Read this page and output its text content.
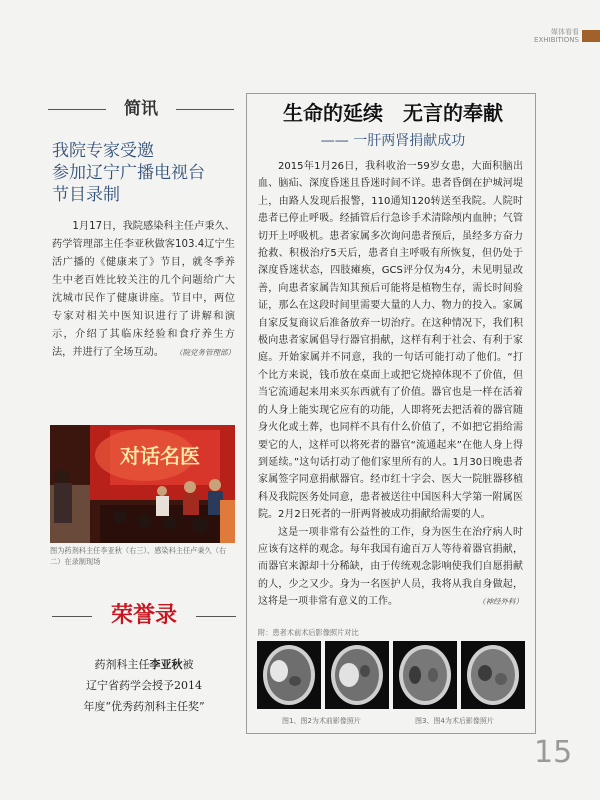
媒体看看
EXHIBITIONS
简讯
我院专家受邀
参加辽宁广播电视台
节目录制
1月17日，我院感染科主任卢秉久、药学管理部主任李亚秋做客103.4辽宁生活广播的《健康来了》节目，就冬季养生中老百姓比较关注的几个问题给广大沈城市民作了健康讲座。节目中，两位专家对相关中医知识进行了讲解和演示，介绍了其临床经验和食疗养生方法，并进行了全场互动。 （院党务管理部）
对话名医
图为药剂科主任李亚秋（右三）、感染科主任卢秉久（右二）在录制现场
荣誉录
药剂科主任李亚秋被
辽宁省药学会授予2014
年度“优秀药剂科主任奖”
生命的延续　无言的奉献
—— 一肝两肾捐献成功

2015年1月26日，我科收治一59岁女患，大面积脑出血、脑疝、深度昏迷且昏迷时间不详。患者昏倒在护城河堤上，由路人发现后报警，110通知120转送至我院。人院时患者已停止呼吸。经插管后行急诊手术清除颅内血肿；气管切开上呼吸机。患者家属多次询问患者预后，虽经多方奋力抢救、积极治疗5天后，患者自主呼吸有所恢复，但仍处于深度昏迷状态，四肢瘫痪，GCS评分仅为4分，未见明显改善，向患者家属告知其预后可能将是植物生存，需长时间验证，那么在这段时间里需要大量的人力、物力的投入。家属自家反复商议后准备放弃一切治疗。在这种情况下，我们积极向患者家属倡导行器官捐献，这样有利于社会、有利于家庭。开始家属并不同意，我的一句话可能打动了他们。“打个比方来说，钱币放在桌面上或把它烧掉体现不了价值，但当它流通起来用来买东西就有了价值。器官也是一样在活着的人身上能实现它应有的功能，人即将死去把活着的器官随身火化或土葬，也同样不具有什么价值了，不如把它捐给需要它的人，这样可以将死者的器官“流通起来”在他人身上得到延续。”这句话打动了他们家里所有的人。1月30日晚患者家属签字同意捐献器官。经市红十字会、医大一院脏器移植科及我院医务处同意，患者被送往中国医科大学第一附属医院。2月2日死者的一肝两肾被成功捐献给需要的人。

这是一项非常有公益性的工作，身为医生在治疗病人时应该有这样的观念。每年我国有逾百万人等待着器官捐献，而器官来源却十分稀缺，由于传统观念影响使我们自愿捐献的人，少之又少。身为一名医护人员，我将从我自身做起，这将是一项非常有意义的工作。	（神经外科）

附：患者术前术后影像照片对比
图1、图2为术前影像照片	图3、图4为术后影像照片
15
